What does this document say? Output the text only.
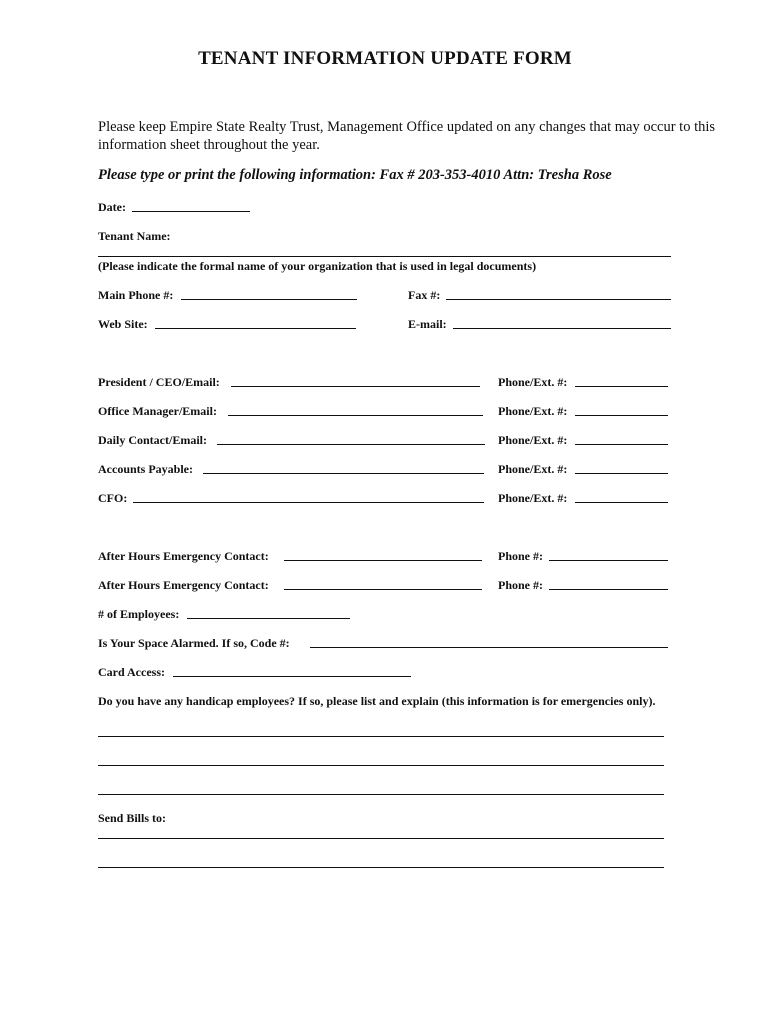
TENANT INFORMATION UPDATE FORM
Please keep Empire State Realty Trust, Management Office updated on any changes that may occur to this information sheet throughout the year.
Please type or print the following information: Fax # 203-353-4010 Attn: Tresha Rose
Date:
Tenant Name:
(Please indicate the formal name of your organization that is used in legal documents)
Main Phone #:	Fax #:
Web Site:	E-mail:
President / CEO/Email:	Phone/Ext. #:
Office Manager/Email:	Phone/Ext. #:
Daily Contact/Email:	Phone/Ext. #:
Accounts Payable:	Phone/Ext. #:
CFO:	Phone/Ext. #:
After Hours Emergency Contact:	Phone #:
After Hours Emergency Contact:	Phone #:
# of Employees:
Is Your Space Alarmed. If so, Code #:
Card Access:
Do you have any handicap employees? If so, please list and explain (this information is for emergencies only).
Send Bills to:
